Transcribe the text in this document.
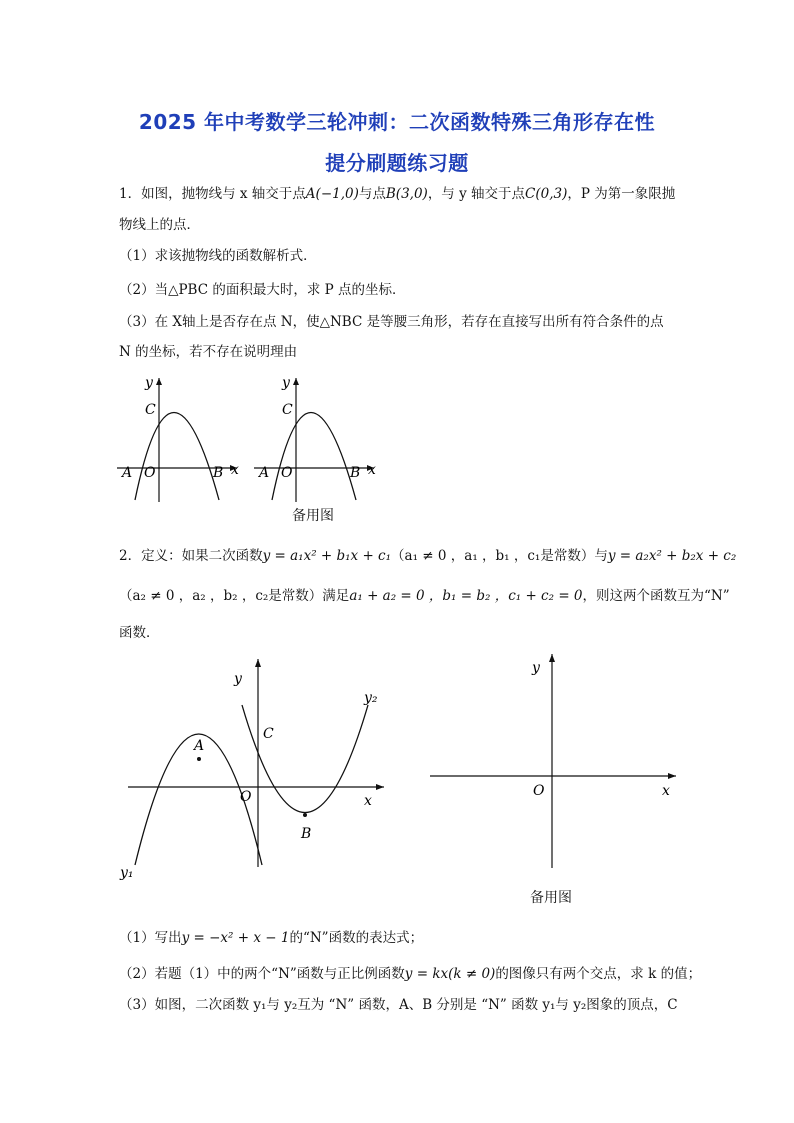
2025 年中考数学三轮冲刺：二次函数特殊三角形存在性
提分刷题练习题
1．如图，抛物线与 x 轴交于点A(−1,0)与点B(3,0)，与 y 轴交于点C(0,3)，P 为第一象限抛
物线上的点．
（1）求该抛物线的函数解析式．
（2）当△PBC 的面积最大时，求 P 点的坐标．
（3）在 X轴上是否存在点 N，使△NBC 是等腰三角形，若存在直接写出所有符合条件的点
N 的坐标，若不存在说明理由
y
C
A O	B x
y
C
A O	B x
备用图
2．定义：如果二次函数y = a₁x² + b₁x + c₁（a₁ ≠ 0 ，a₁ ，b₁ ，c₁是常数）与y = a₂x² + b₂x + c₂
（a₂ ≠ 0 ，a₂ ，b₂ ，c₂是常数）满足a₁ + a₂ = 0 ，b₁ = b₂ ，c₁ + c₂ = 0，则这两个函数互为“N”
函数．
y
y₂
A
C
O	x
B
y₁
y
O	x
备用图
（1）写出y = −x² + x − 1的“N”函数的表达式；
（2）若题（1）中的两个“N”函数与正比例函数y = kx(k ≠ 0)的图像只有两个交点，求 k 的值；
（3）如图，二次函数 y₁与 y₂互为 “N” 函数，A、B 分别是 “N” 函数 y₁与 y₂图象的顶点，C
